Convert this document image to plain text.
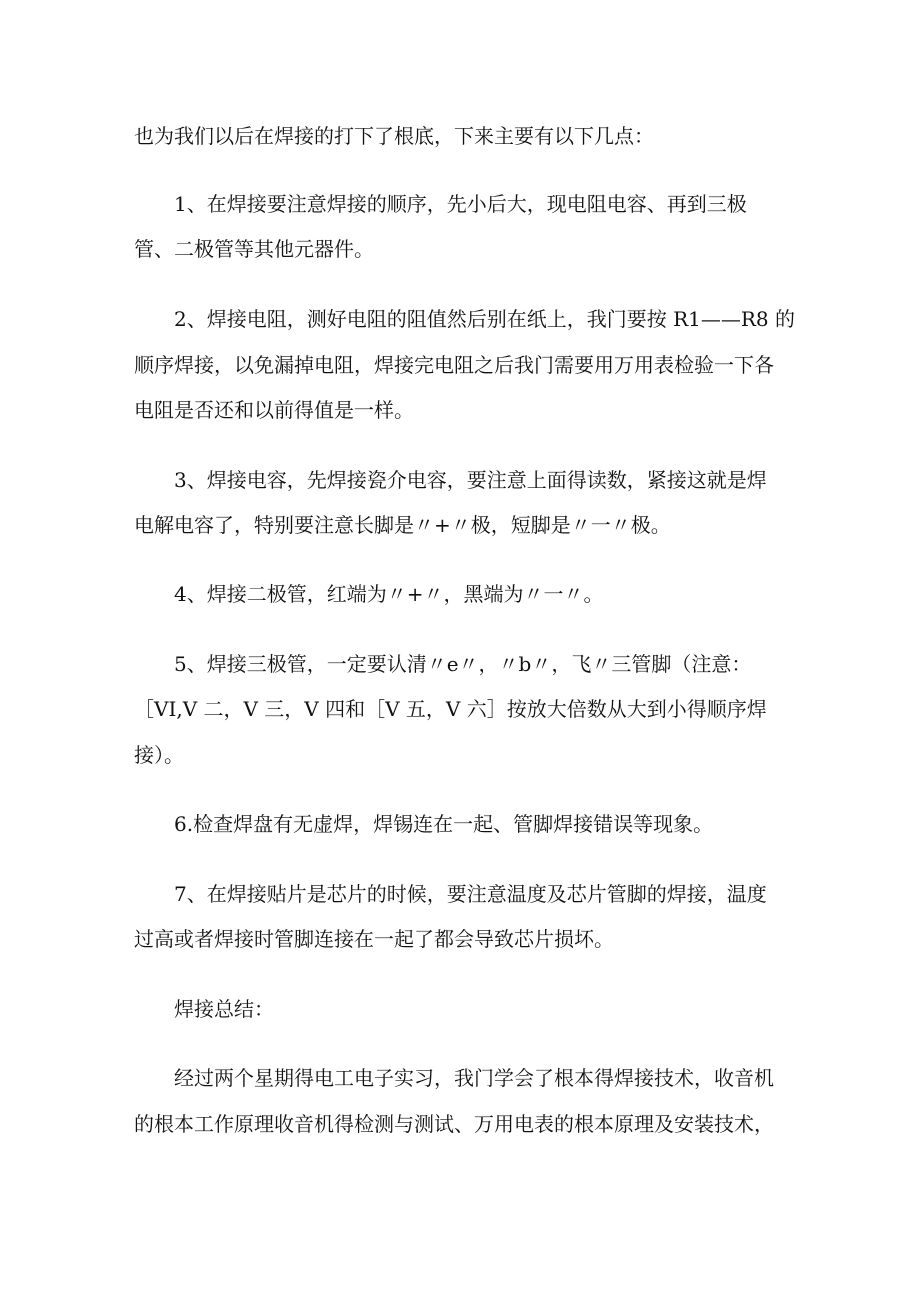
也为我们以后在焊接的打下了根底，下来主要有以下几点：

1、在焊接要注意焊接的顺序，先小后大，现电阻电容、再到三极

管、二极管等其他元器件。

2、焊接电阻，测好电阻的阻值然后别在纸上，我门要按 R1——R8 的

顺序焊接，以免漏掉电阻，焊接完电阻之后我门需要用万用表检验一下各

电阻是否还和以前得值是一样。

3、焊接电容，先焊接瓷介电容，要注意上面得读数，紧接这就是焊

电解电容了，特别要注意长脚是〃+〃极，短脚是〃一〃极。

4、焊接二极管，红端为〃+〃，黑端为〃一〃。

5、焊接三极管，一定要认清〃e〃，〃b〃，飞〃三管脚（注意：

［VI,V 二，V 三，V 四和［V 五，V 六］按放大倍数从大到小得顺序焊

接）。

6.检查焊盘有无虚焊，焊锡连在一起、管脚焊接错误等现象。

7、在焊接贴片是芯片的时候，要注意温度及芯片管脚的焊接，温度

过高或者焊接时管脚连接在一起了都会导致芯片损坏。

焊接总结：

经过两个星期得电工电子实习，我门学会了根本得焊接技术，收音机

的根本工作原理收音机得检测与测试、万用电表的根本原理及安装技术，
